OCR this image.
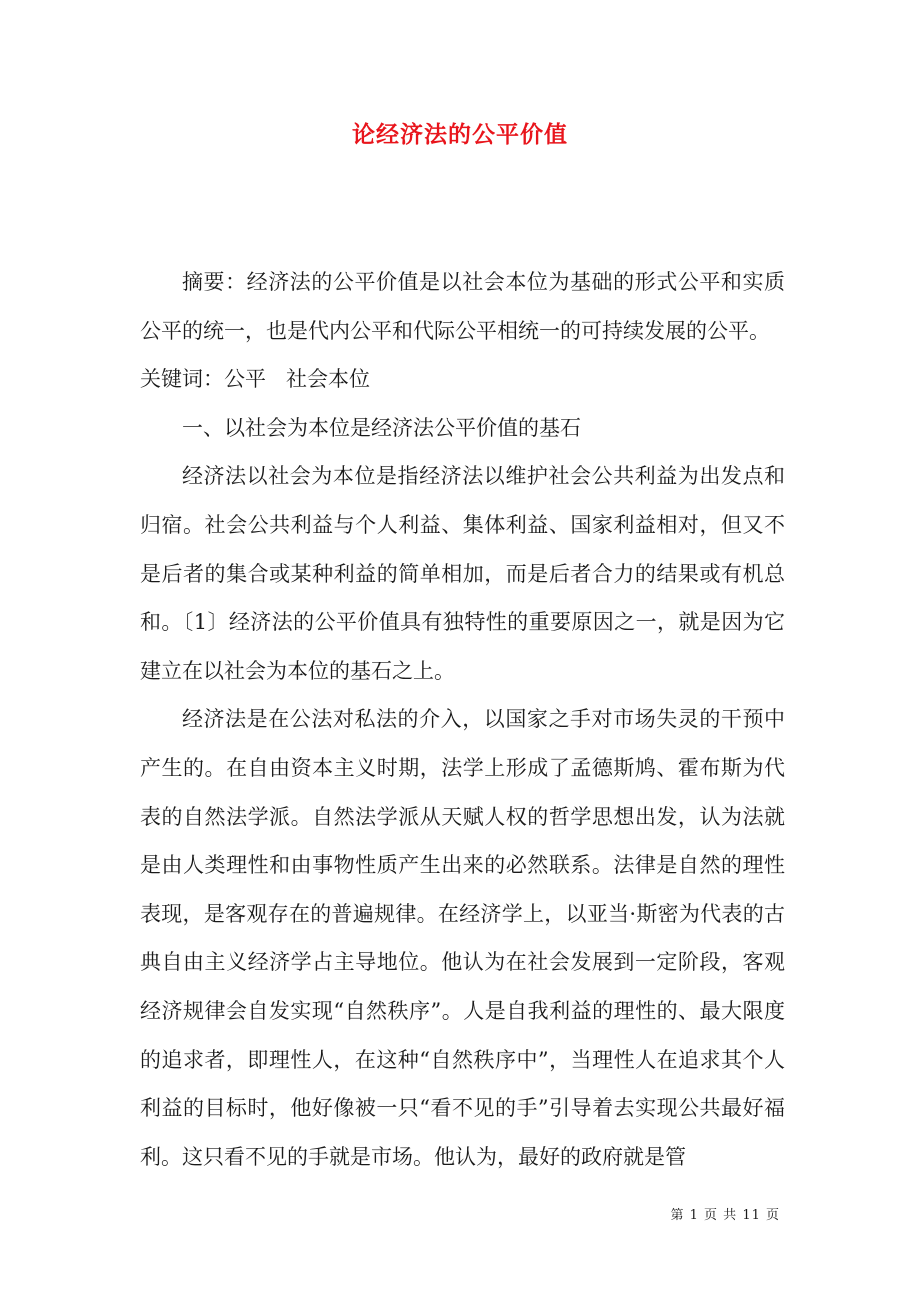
论经济法的公平价值

摘要：经济法的公平价值是以社会本位为基础的形式公平和实质公平的统一，也是代内公平和代际公平相统一的可持续发展的公平。

关键词：公平 社会本位

一、以社会为本位是经济法公平价值的基石

经济法以社会为本位是指经济法以维护社会公共利益为出发点和归宿。社会公共利益与个人利益、集体利益、国家利益相对，但又不是后者的集合或某种利益的简单相加，而是后者合力的结果或有机总和。〔1〕经济法的公平价值具有独特性的重要原因之一，就是因为它建立在以社会为本位的基石之上。

经济法是在公法对私法的介入，以国家之手对市场失灵的干预中产生的。在自由资本主义时期，法学上形成了孟德斯鸠、霍布斯为代表的自然法学派。自然法学派从天赋人权的哲学思想出发，认为法就是由人类理性和由事物性质产生出来的必然联系。法律是自然的理性表现，是客观存在的普遍规律。在经济学上，以亚当·斯密为代表的古典自由主义经济学占主导地位。他认为在社会发展到一定阶段，客观经济规律会自发实现“自然秩序”。人是自我利益的理性的、最大限度的追求者，即理性人，在这种“自然秩序中”，当理性人在追求其个人利益的目标时，他好像被一只“看不见的手”引导着去实现公共最好福利。这只看不见的手就是市场。他认为，最好的政府就是管

第 1 页 共 11 页
